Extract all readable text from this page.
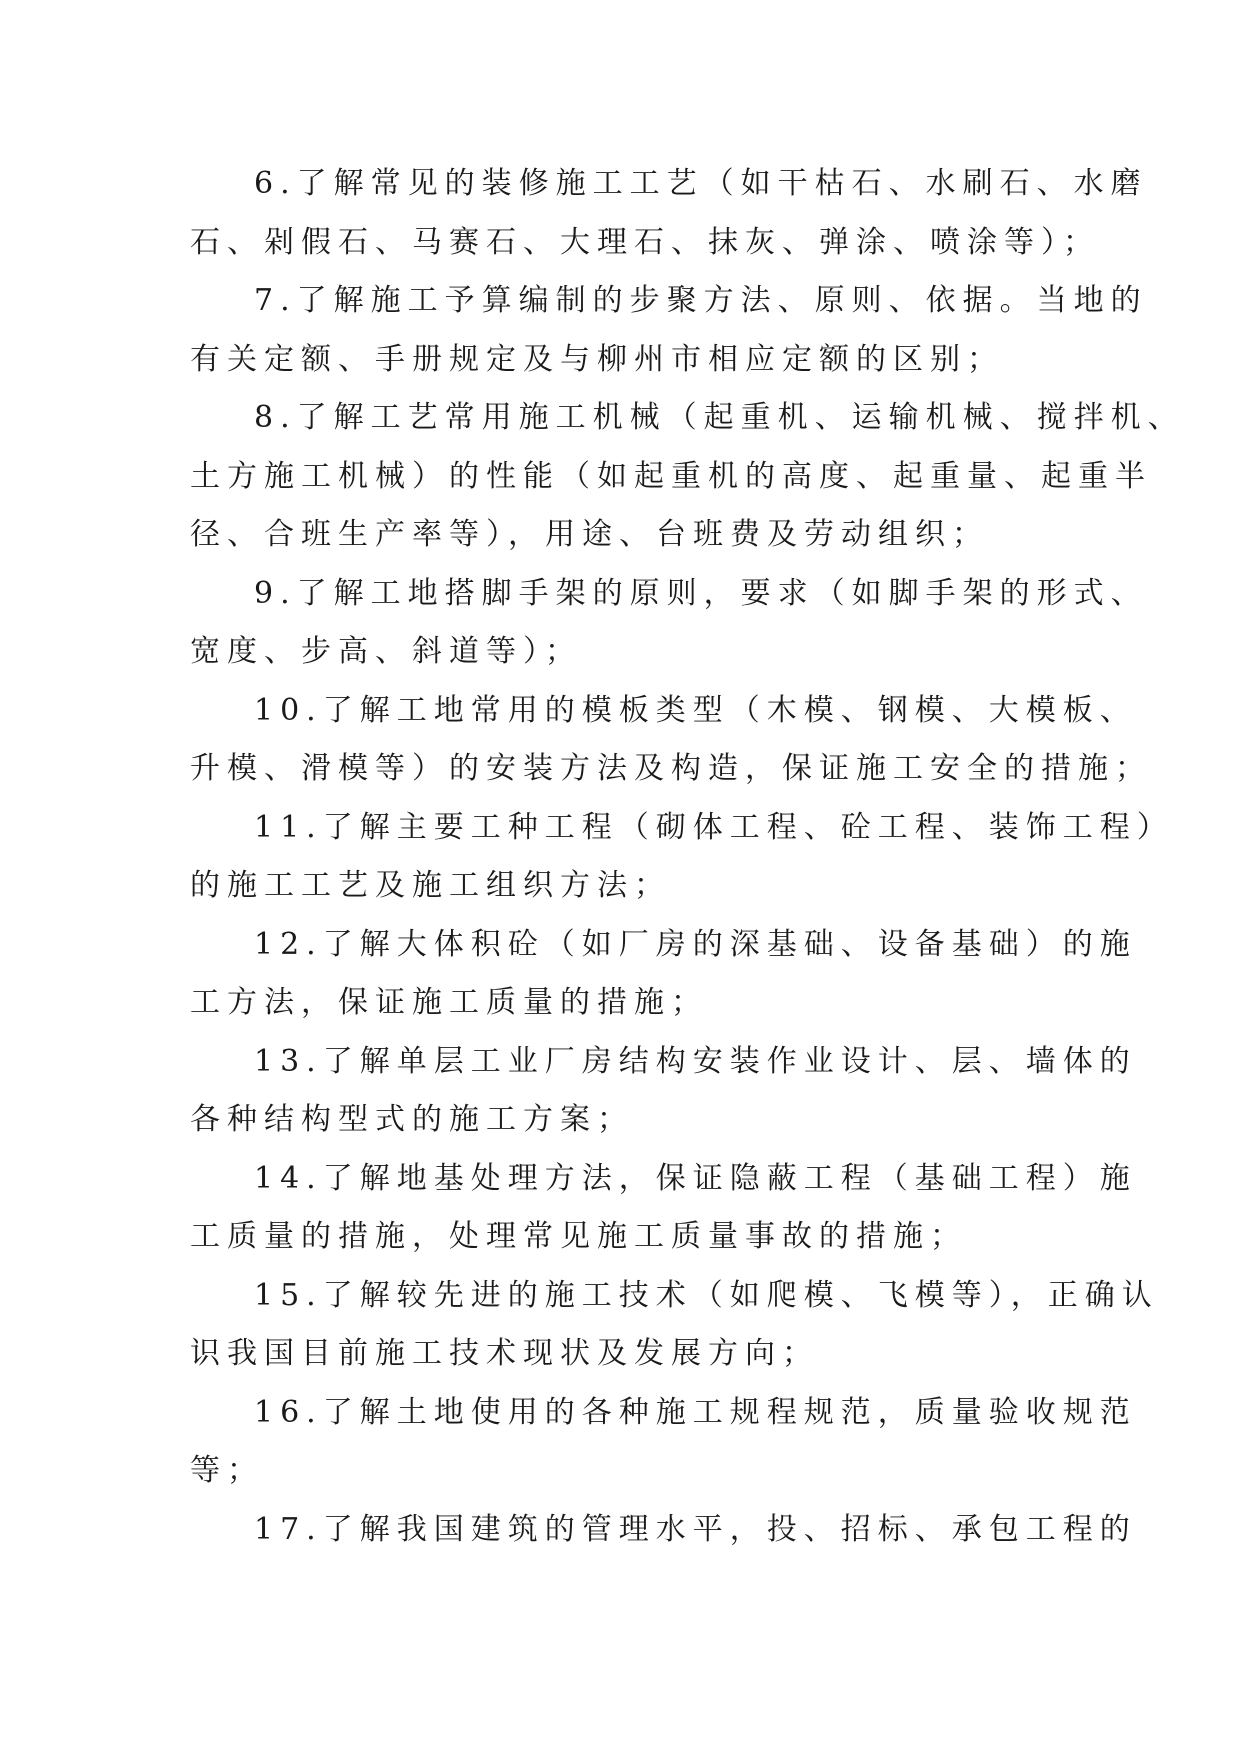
6.了解常见的装修施工工艺（如干枯石、水刷石、水磨
石、剁假石、马赛石、大理石、抹灰、弹涂、喷涂等）；
7.了解施工予算编制的步聚方法、原则、依据。当地的
有关定额、手册规定及与柳州市相应定额的区别；
8.了解工艺常用施工机械（起重机、运输机械、搅拌机、
土方施工机械）的性能（如起重机的高度、起重量、起重半
径、合班生产率等），用途、台班费及劳动组织；
9.了解工地搭脚手架的原则，要求（如脚手架的形式、
宽度、步高、斜道等）；
10.了解工地常用的模板类型（木模、钢模、大模板、
升模、滑模等）的安装方法及构造，保证施工安全的措施；
11.了解主要工种工程（砌体工程、砼工程、装饰工程）
的施工工艺及施工组织方法；
12.了解大体积砼（如厂房的深基础、设备基础）的施
工方法，保证施工质量的措施；
13.了解单层工业厂房结构安装作业设计、层、墙体的
各种结构型式的施工方案；
14.了解地基处理方法，保证隐蔽工程（基础工程）施
工质量的措施，处理常见施工质量事故的措施；
15.了解较先进的施工技术（如爬模、飞模等），正确认
识我国目前施工技术现状及发展方向；
16.了解土地使用的各种施工规程规范，质量验收规范
等；
17.了解我国建筑的管理水平，投、招标、承包工程的
